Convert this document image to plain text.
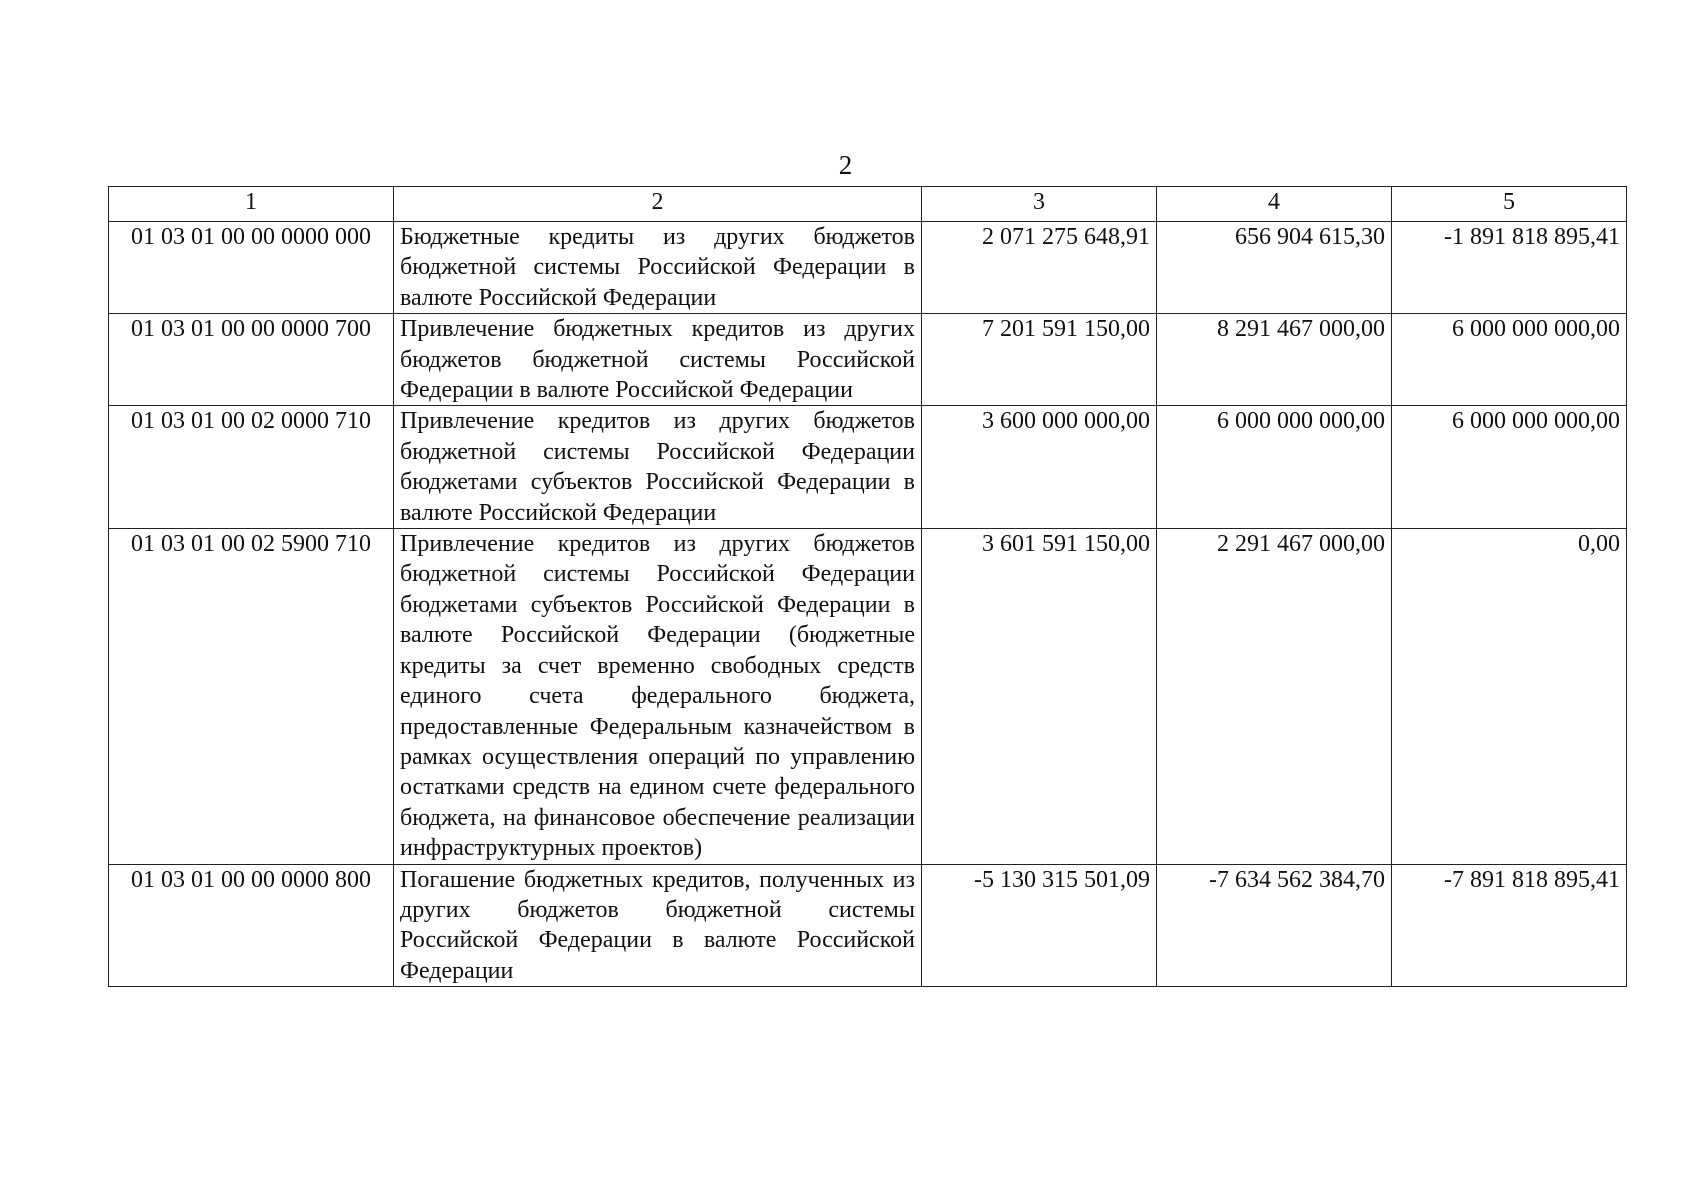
2
1	2	3	4	5
01 03 01 00 00 0000 000	Бюджетные кредиты из других бюджетов бюджетной системы Российской Федерации в валюте Российской Федерации	2 071 275 648,91	656 904 615,30	-1 891 818 895,41
01 03 01 00 00 0000 700	Привлечение бюджетных кредитов из других бюджетов бюджетной системы Российской Федерации в валюте Российской Федерации	7 201 591 150,00	8 291 467 000,00	6 000 000 000,00
01 03 01 00 02 0000 710	Привлечение кредитов из других бюджетов бюджетной системы Российской Федерации бюджетами субъектов Российской Федерации в валюте Российской Федерации	3 600 000 000,00	6 000 000 000,00	6 000 000 000,00
01 03 01 00 02 5900 710	Привлечение кредитов из других бюджетов бюджетной системы Российской Федерации бюджетами субъектов Российской Федерации в валюте Российской Федерации (бюджетные кредиты за счет временно свободных средств единого счета федерального бюджета, предоставленные Федеральным казначейством в рамках осуществления операций по управлению остатками средств на едином счете федерального бюджета, на финансовое обеспечение реализации инфраструктурных проектов)	3 601 591 150,00	2 291 467 000,00	0,00
01 03 01 00 00 0000 800	Погашение бюджетных кредитов, полученных из других бюджетов бюджетной системы Российской Федерации в валюте Российской Федерации	-5 130 315 501,09	-7 634 562 384,70	-7 891 818 895,41
